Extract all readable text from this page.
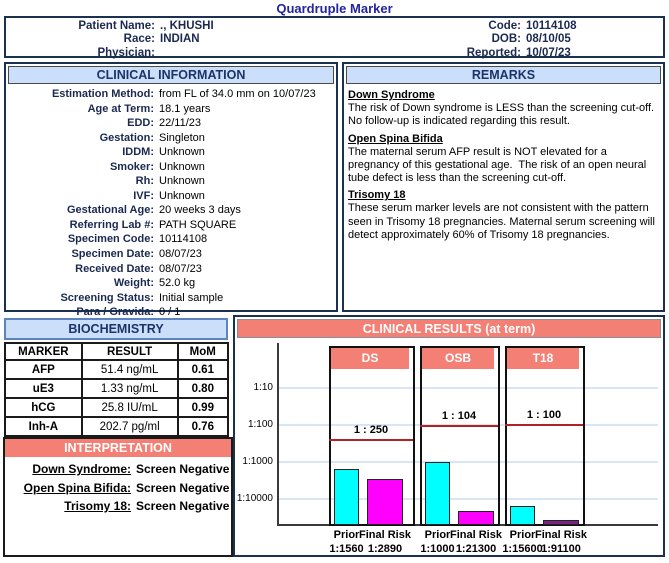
Quardruple Marker
Patient Name: ., KHUSHI
Race: INDIAN
Physician:
Code: 10114108
DOB: 08/10/05
Reported: 10/07/23
CLINICAL INFORMATION
Estimation Method: from FL of 34.0 mm on 10/07/23
Age at Term: 18.1 years
EDD: 22/11/23
Gestation: Singleton
IDDM: Unknown
Smoker: Unknown
Rh: Unknown
IVF: Unknown
Gestational Age: 20 weeks 3 days
Referring Lab #: PATH SQUARE
Specimen Code: 10114108
Specimen Date: 08/07/23
Received Date: 08/07/23
Weight: 52.0 kg
Screening Status: Initial sample
Para / Gravida: 0 / 1
REMARKS
Down Syndrome
The risk of Down syndrome is LESS than the screening cut-off. No follow-up is indicated regarding this result.
Open Spina Bifida
The maternal serum AFP result is NOT elevated for a pregnancy of this gestational age.  The risk of an open neural tube defect is less than the screening cut-off.
Trisomy 18
These serum marker levels are not consistent with the pattern seen in Trisomy 18 pregnancies. Maternal serum screening will detect approximately 60% of Trisomy 18 pregnancies.
BIOCHEMISTRY
MARKER	RESULT	MoM
AFP	51.4 ng/mL	0.61
uE3	1.33 ng/mL	0.80
hCG	25.8 IU/mL	0.99
Inh-A	202.7 pg/ml	0.76
INTERPRETATION
Down Syndrome: Screen Negative
Open Spina Bifida: Screen Negative
Trisomy 18: Screen Negative
CLINICAL RESULTS (at term)
1:10
1:100
1:1000
1:10000
DS
1 : 250
Prior
1:1560
Final Risk
1:2890
OSB
1 : 104
Prior
1:1000
Final Risk
1:21300
T18
1 : 100
Prior
1:15600
Final Risk
1:91100
